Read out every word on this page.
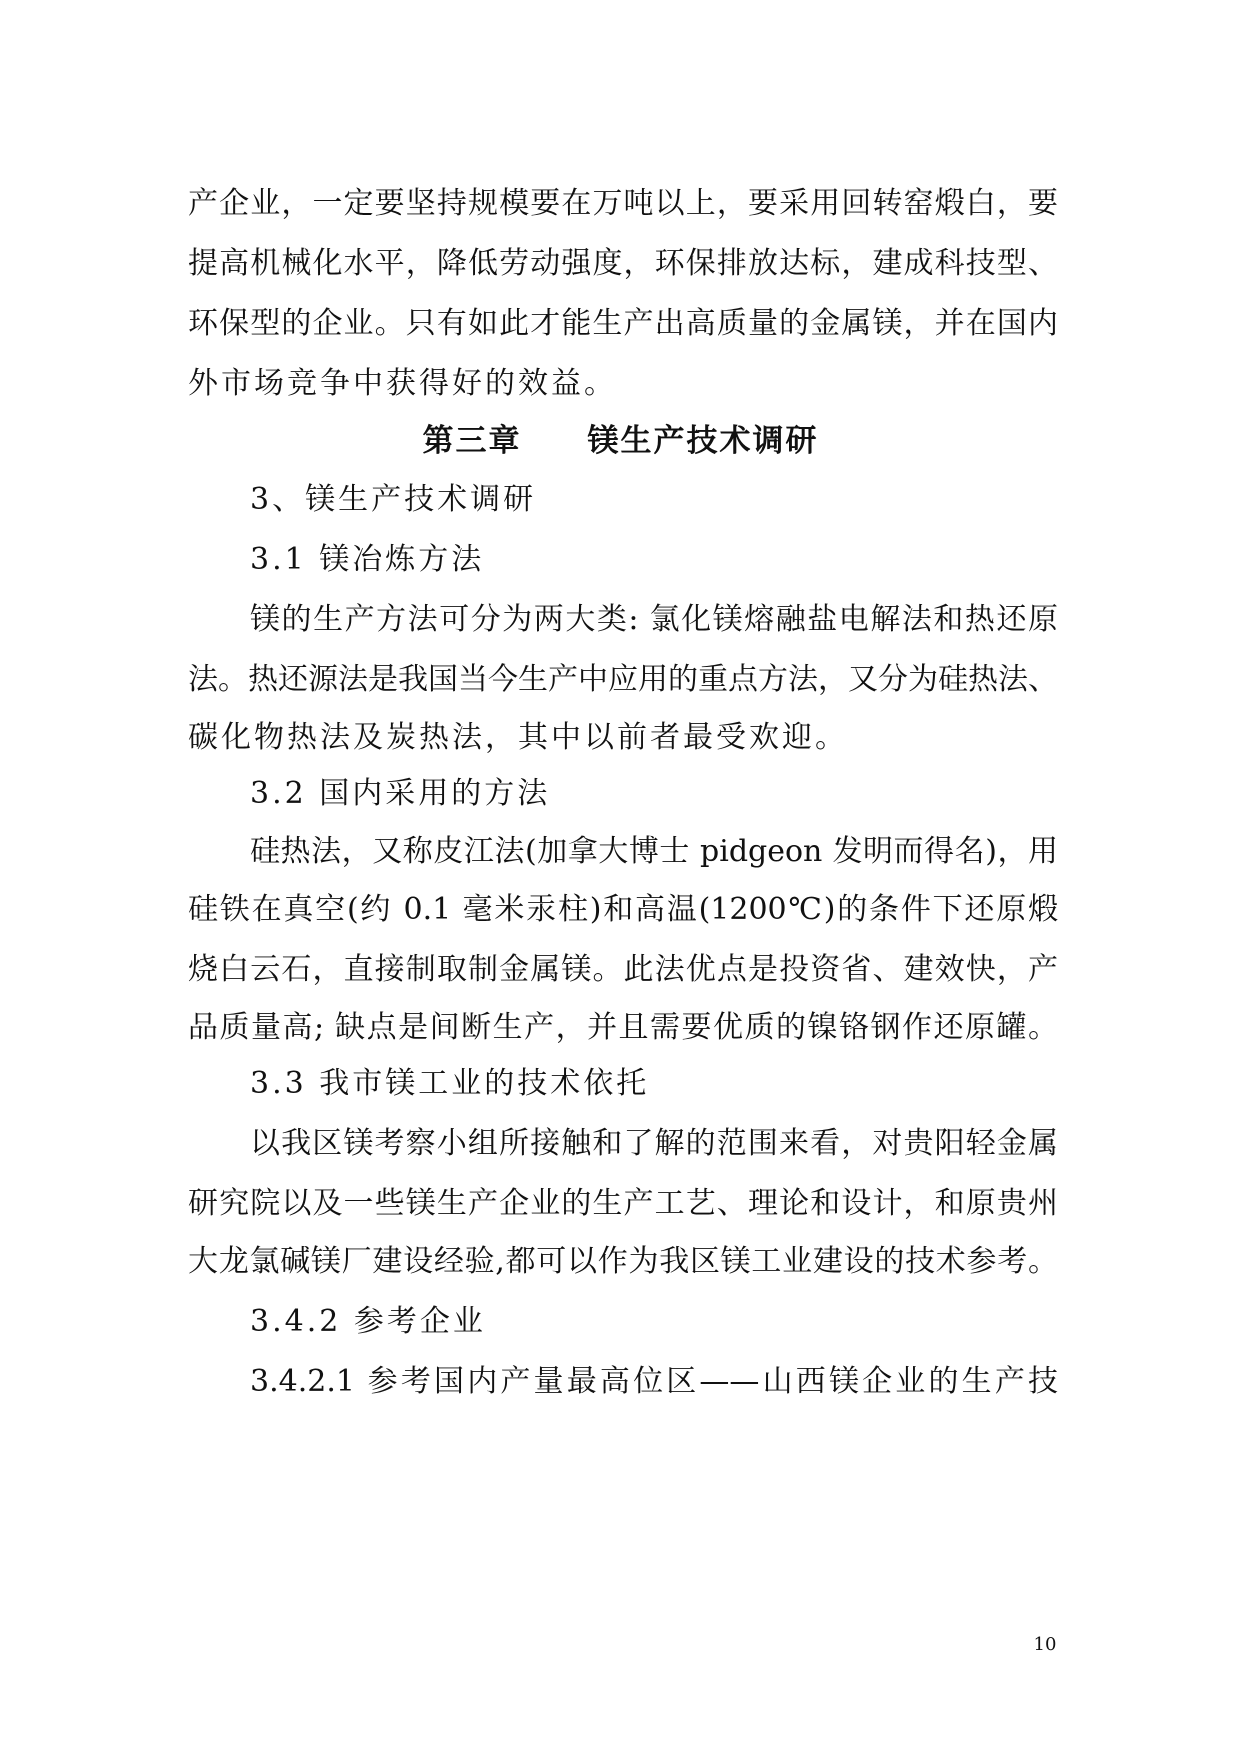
产企业，一定要坚持规模要在万吨以上，要采用回转窑煅白，要
提高机械化水平，降低劳动强度，环保排放达标，建成科技型、
环保型的企业。只有如此才能生产出高质量的金属镁，并在国内
外市场竞争中获得好的效益。
第三章　　镁生产技术调研
3、镁生产技术调研
3.1 镁冶炼方法
镁的生产方法可分为两大类: 氯化镁熔融盐电解法和热还原
法。热还源法是我国当今生产中应用的重点方法，又分为硅热法、
碳化物热法及炭热法，其中以前者最受欢迎。
3.2 国内采用的方法
硅热法，又称皮江法(加拿大博士 pidgeon 发明而得名)，用
硅铁在真空(约 0.1 毫米汞柱)和高温(1200℃)的条件下还原煅
烧白云石，直接制取制金属镁。此法优点是投资省、建效快，产
品质量高; 缺点是间断生产，并且需要优质的镍铬钢作还原罐。
3.3 我市镁工业的技术依托
以我区镁考察小组所接触和了解的范围来看，对贵阳轻金属
研究院以及一些镁生产企业的生产工艺、理论和设计，和原贵州
大龙氯碱镁厂建设经验,都可以作为我区镁工业建设的技术参考。
3.4.2 参考企业
3.4.2.1 参考国内产量最高位区——山西镁企业的生产技
10
